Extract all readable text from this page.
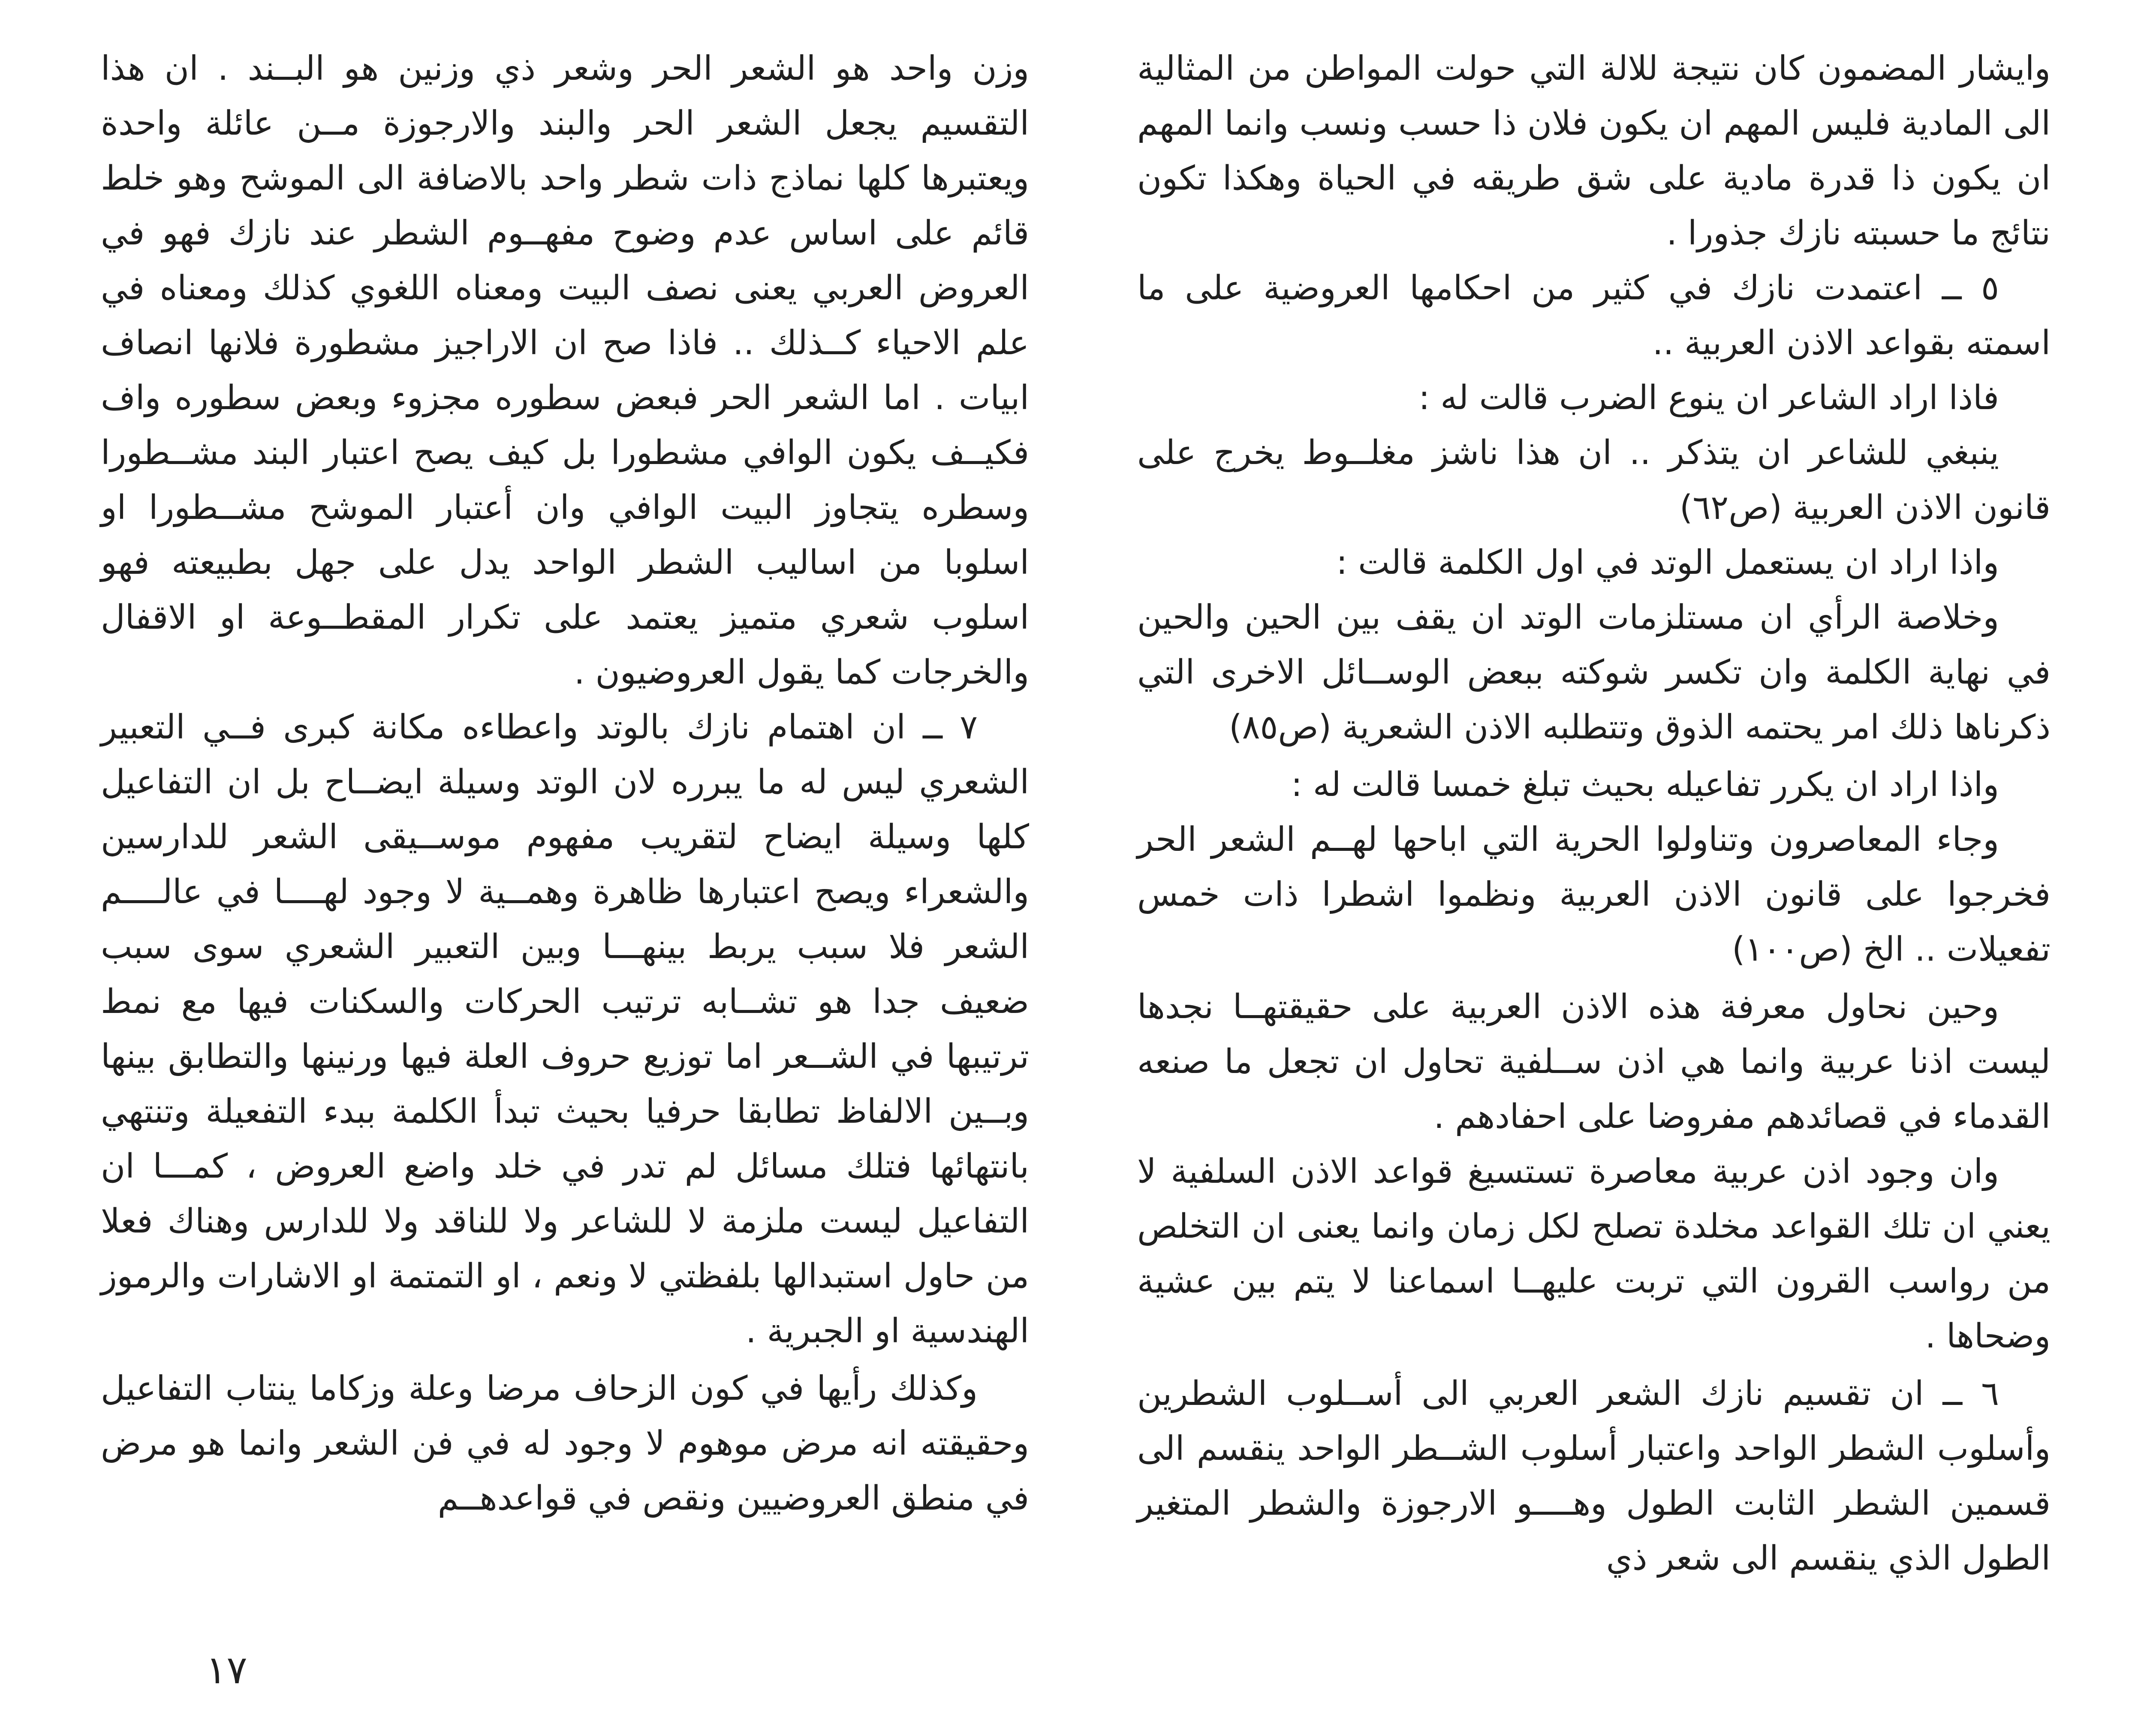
وايشار المضمون كان نتيجة للالة التي حولت المواطن من المثالية الى المادية فليس المهم ان يكون فلان ذا حسب ونسب وانما المهم ان يكون ذا قدرة مادية على شق طريقه في الحياة وهكذا تكون نتائج ما حسبته نازك جذورا .

٥ ــ اعتمدت نازك في كثير من احكامها العروضية على ما اسمته بقواعد الاذن العربية ..

فاذا اراد الشاعر ان ينوع الضرب قالت له :

ينبغي للشاعر ان يتذكر .. ان هذا ناشز مغلــوط يخرج على قانون الاذن العربية (ص٦٢)

واذا اراد ان يستعمل الوتد في اول الكلمة قالت :

وخلاصة الرأي ان مستلزمات الوتد ان يقف بين الحين والحين في نهاية الكلمة وان تكسر شوكته ببعض الوســائل الاخرى التي ذكرناها ذلك امر يحتمه الذوق وتتطلبه الاذن الشعرية (ص٨٥)

واذا اراد ان يكرر تفاعيله بحيث تبلغ خمسا قالت له :

وجاء المعاصرون وتناولوا الحرية التي اباحها لهــم الشعر الحر فخرجوا على قانون الاذن العربية ونظموا اشطرا ذات خمس تفعيلات .. الخ (ص١٠٠)

وحين نحاول معرفة هذه الاذن العربية على حقيقتهــا نجدها ليست اذنا عربية وانما هي اذن ســلفية تحاول ان تجعل ما صنعه القدماء في قصائدهم مفروضا على احفادهم .

وان وجود اذن عربية معاصرة تستسيغ قواعد الاذن السلفية لا يعني ان تلك القواعد مخلدة تصلح لكل زمان وانما يعنى ان التخلص من رواسب القرون التي تربت عليهــا اسماعنا لا يتم بين عشية وضحاها .

٦ ــ ان تقسيم نازك الشعر العربي الى أســلوب الشطرين وأسلوب الشطر الواحد واعتبار أسلوب الشــطر الواحد ينقسم الى قسمين الشطر الثابت الطول وهــــو الارجوزة والشطر المتغير الطول الذي ينقسم الى شعر ذي

وزن واحد هو الشعر الحر وشعر ذي وزنين هو البــند . ان هذا التقسيم يجعل الشعر الحر والبند والارجوزة مــن عائلة واحدة ويعتبرها كلها نماذج ذات شطر واحد بالاضافة الى الموشح وهو خلط قائم على اساس عدم وضوح مفهــوم الشطر عند نازك فهو في العروض العربي يعنى نصف البيت ومعناه اللغوي كذلك ومعناه في علم الاحياء كــذلك .. فاذا صح ان الاراجيز مشطورة فلانها انصاف ابيات . اما الشعر الحر فبعض سطوره مجزوء وبعض سطوره واف فكيــف يكون الوافي مشطورا بل كيف يصح اعتبار البند مشــطورا وسطره يتجاوز البيت الوافي وان أعتبار الموشح مشــطورا او اسلوبا من اساليب الشطر الواحد يدل على جهل بطبيعته فهو اسلوب شعري متميز يعتمد على تكرار المقطــوعة او الاقفال والخرجات كما يقول العروضيون .

٧ ــ ان اهتمام نازك بالوتد واعطاءه مكانة كبرى فــي التعبير الشعري ليس له ما يبرره لان الوتد وسيلة ايضــاح بل ان التفاعيل كلها وسيلة ايضاح لتقريب مفهوم موســيقى الشعر للدارسين والشعراء ويصح اعتبارها ظاهرة وهمــية لا وجود لهــــا في عالــــم الشعر فلا سبب يربط بينهـــا وبين التعبير الشعري سوى سبب ضعيف جدا هو تشــابه ترتيب الحركات والسكنات فيها مع نمط ترتيبها في الشــعر اما توزيع حروف العلة فيها ورنينها والتطابق بينها وبــين الالفاظ تطابقا حرفيا بحيث تبدأ الكلمة ببدء التفعيلة وتنتهي بانتهائها فتلك مسائل لم تدر في خلد واضع العروض ، كمـــا ان التفاعيل ليست ملزمة لا للشاعر ولا للناقد ولا للدارس وهناك فعلا من حاول استبدالها بلفظتي لا ونعم ، او التمتمة او الاشارات والرموز الهندسية او الجبرية .

وكذلك رأيها في كون الزحاف مرضا وعلة وزكاما ينتاب التفاعيل وحقيقته انه مرض موهوم لا وجود له في فن الشعر وانما هو مرض في منطق العروضيين ونقص في قواعدهــم

١٧
